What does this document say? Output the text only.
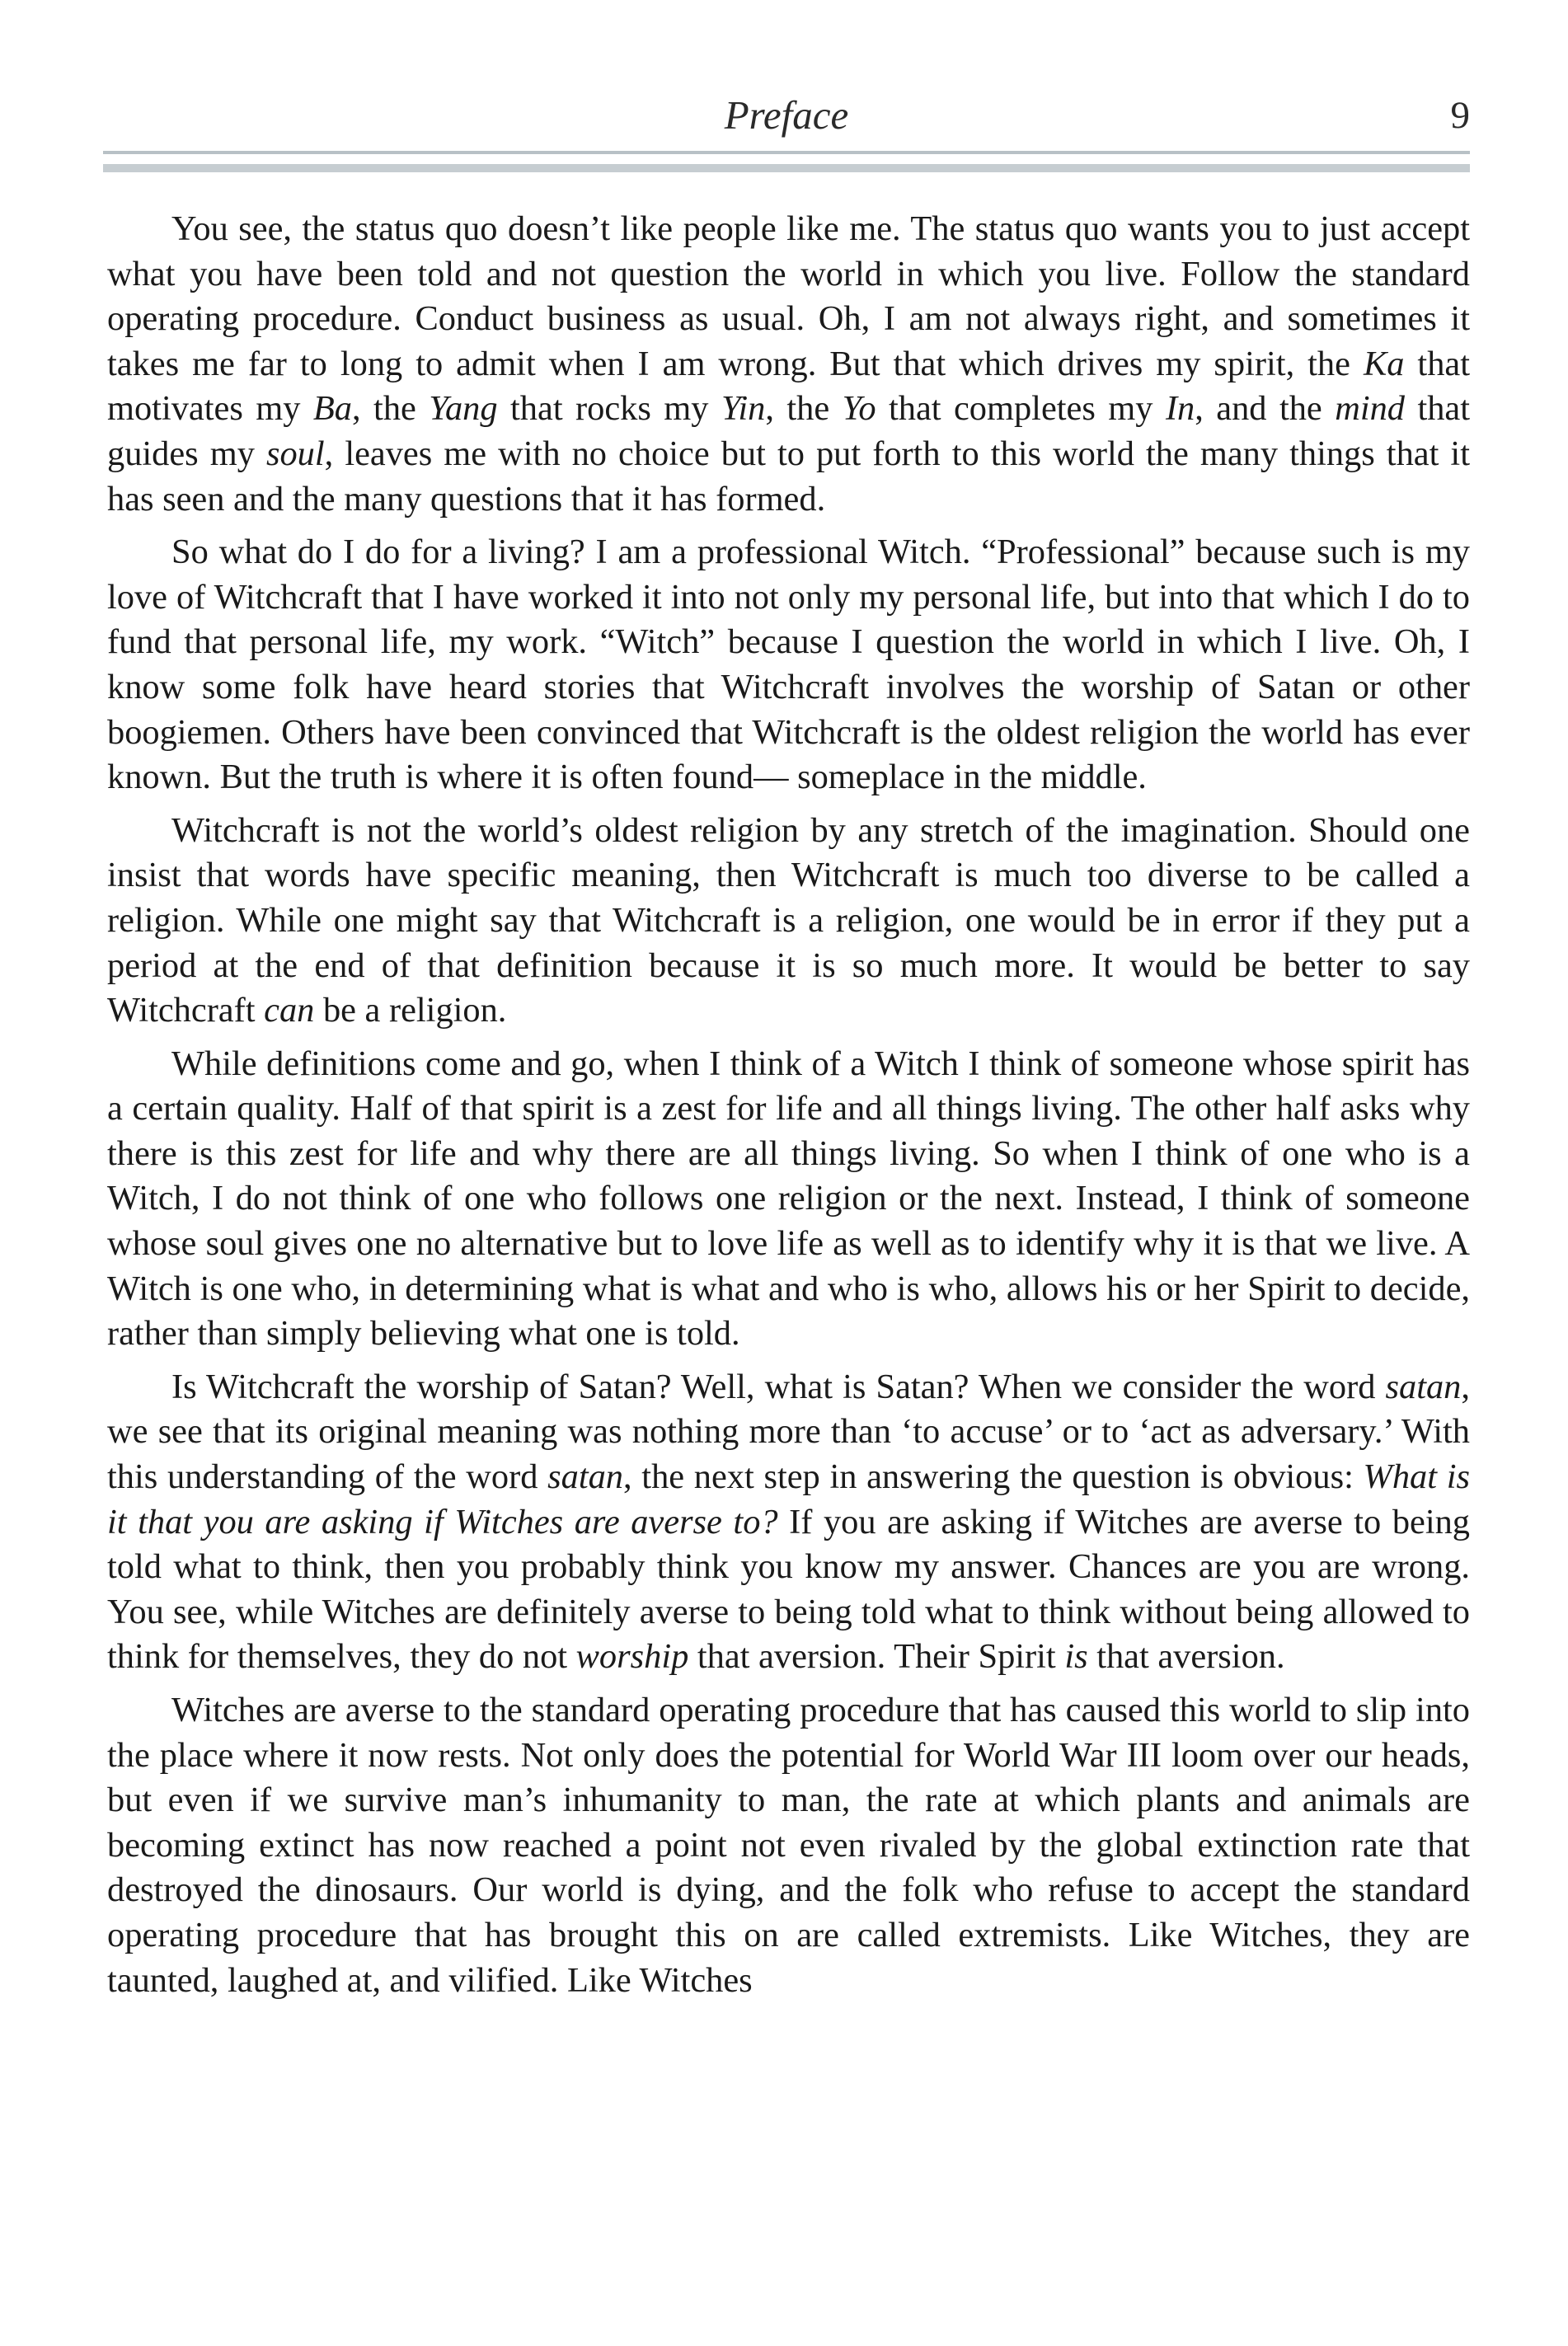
Preface	9

You see, the status quo doesn’t like people like me. The status quo wants you to just accept what you have been told and not question the world in which you live. Follow the standard operating procedure. Conduct business as usual. Oh, I am not always right, and sometimes it takes me far to long to admit when I am wrong. But that which drives my spirit, the Ka that motivates my Ba, the Yang that rocks my Yin, the Yo that completes my In, and the mind that guides my soul, leaves me with no choice but to put forth to this world the many things that it has seen and the many questions that it has formed.

So what do I do for a living? I am a professional Witch. “Professional” because such is my love of Witchcraft that I have worked it into not only my personal life, but into that which I do to fund that personal life, my work. “Witch” because I question the world in which I live. Oh, I know some folk have heard stories that Witchcraft involves the worship of Satan or other boogiemen. Others have been convinced that Witchcraft is the oldest religion the world has ever known. But the truth is where it is often found— someplace in the middle.

Witchcraft is not the world’s oldest religion by any stretch of the imagination. Should one insist that words have specific meaning, then Witchcraft is much too diverse to be called a religion. While one might say that Witchcraft is a religion, one would be in error if they put a period at the end of that definition because it is so much more. It would be better to say Witchcraft can be a religion.

While definitions come and go, when I think of a Witch I think of someone whose spirit has a certain quality. Half of that spirit is a zest for life and all things living. The other half asks why there is this zest for life and why there are all things living. So when I think of one who is a Witch, I do not think of one who follows one religion or the next. Instead, I think of someone whose soul gives one no alternative but to love life as well as to identify why it is that we live. A Witch is one who, in determining what is what and who is who, allows his or her Spirit to decide, rather than simply believing what one is told.

Is Witchcraft the worship of Satan? Well, what is Satan? When we consider the word satan, we see that its original meaning was nothing more than ‘to accuse’ or to ‘act as adversary.’ With this understanding of the word satan, the next step in answering the question is obvious: What is it that you are asking if Witches are averse to? If you are asking if Witches are averse to being told what to think, then you probably think you know my answer. Chances are you are wrong. You see, while Witches are definitely averse to being told what to think without being allowed to think for themselves, they do not worship that aversion. Their Spirit is that aversion.

Witches are averse to the standard operating procedure that has caused this world to slip into the place where it now rests. Not only does the potential for World War III loom over our heads, but even if we survive man’s inhumanity to man, the rate at which plants and animals are becoming extinct has now reached a point not even rivaled by the global extinction rate that destroyed the dinosaurs. Our world is dying, and the folk who refuse to accept the standard operating procedure that has brought this on are called extremists. Like Witches, they are taunted, laughed at, and vilified. Like Witches
